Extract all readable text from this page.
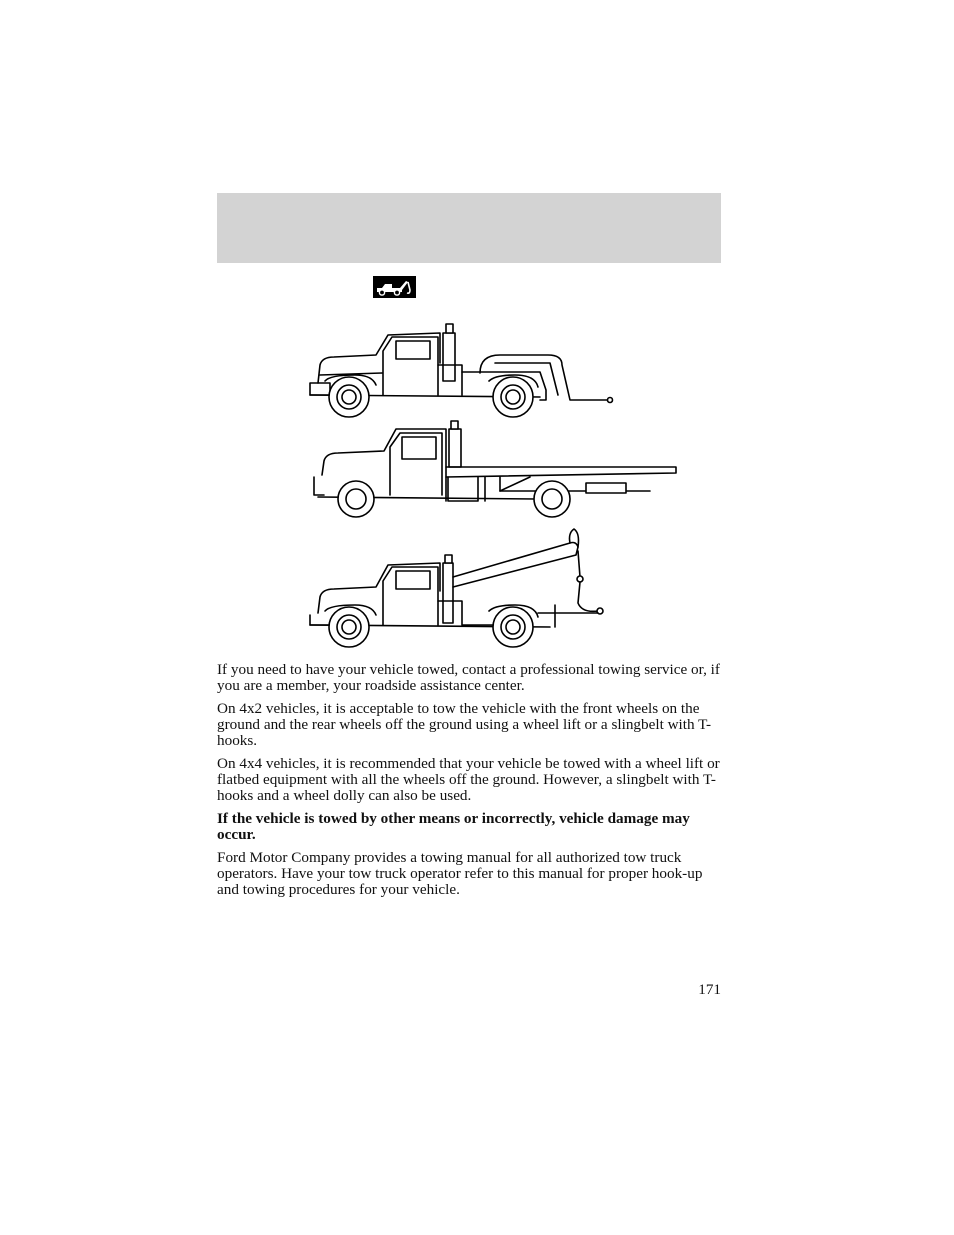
If you need to have your vehicle towed, contact a professional towing service or, if you are a member, your roadside assistance center.

On 4x2 vehicles, it is acceptable to tow the vehicle with the front wheels on the ground and the rear wheels off the ground using a wheel lift or a slingbelt with T-hooks.

On 4x4 vehicles, it is recommended that your vehicle be towed with a wheel lift or flatbed equipment with all the wheels off the ground. However, a slingbelt with T-hooks and a wheel dolly can also be used.

If the vehicle is towed by other means or incorrectly, vehicle damage may occur.

Ford Motor Company provides a towing manual for all authorized tow truck operators. Have your tow truck operator refer to this manual for proper hook-up and towing procedures for your vehicle.

171
